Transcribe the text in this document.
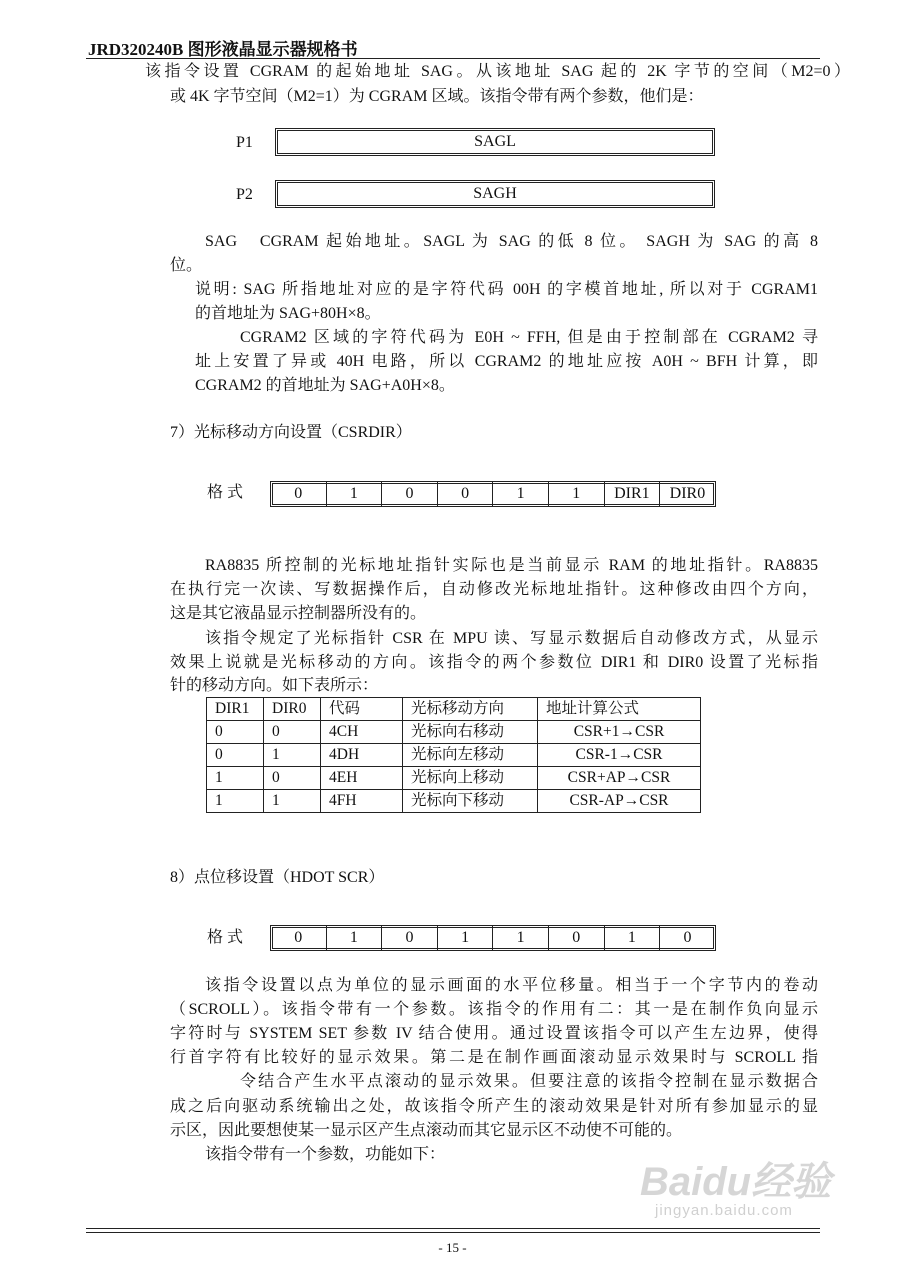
JRD320240B 图形液晶显示器规格书
该指令设置 CGRAM 的起始地址 SAG。从该地址 SAG 起的 2K 字节的空间（M2=0）
或 4K 字节空间（M2=1）为 CGRAM 区域。该指令带有两个参数，他们是：
P1	SAGL
P2	SAGH
SAG　CGRAM 起始地址。SAGL 为 SAG 的低 8 位。 SAGH 为 SAG 的高 8
位。
说明: SAG 所指地址对应的是字符代码 00H 的字模首地址, 所以对于 CGRAM1
的首地址为 SAG+80H×8。
CGRAM2 区域的字符代码为 E0H ~ FFH, 但是由于控制部在 CGRAM2 寻
址上安置了异或 40H 电路，所以 CGRAM2 的地址应按 A0H ~ BFH 计算，即
CGRAM2 的首地址为 SAG+A0H×8。
7）光标移动方向设置（CSRDIR）
格 式	0	1	0	0	1	1	DIR1	DIR0
RA8835 所控制的光标地址指针实际也是当前显示 RAM 的地址指针。RA8835
在执行完一次读、写数据操作后，自动修改光标地址指针。这种修改由四个方向，
这是其它液晶显示控制器所没有的。
该指令规定了光标指针 CSR 在 MPU 读、写显示数据后自动修改方式，从显示
效果上说就是光标移动的方向。该指令的两个参数位 DIR1 和 DIR0 设置了光标指
针的移动方向。如下表所示：
DIR1	DIR0	代码	光标移动方向	地址计算公式
0	0	4CH	光标向右移动	CSR+1→CSR
0	1	4DH	光标向左移动	CSR-1→CSR
1	0	4EH	光标向上移动	CSR+AP→CSR
1	1	4FH	光标向下移动	CSR-AP→CSR
8）点位移设置（HDOT SCR）
格 式	0	1	0	1	1	0	1	0
该指令设置以点为单位的显示画面的水平位移量。相当于一个字节内的卷动
（SCROLL）。该指令带有一个参数。该指令的作用有二：其一是在制作负向显示
字符时与 SYSTEM SET 参数 IV 结合使用。通过设置该指令可以产生左边界，使得
行首字符有比较好的显示效果。第二是在制作画面滚动显示效果时与 SCROLL 指
令结合产生水平点滚动的显示效果。但要注意的该指令控制在显示数据合
成之后向驱动系统输出之处，故该指令所产生的滚动效果是针对所有参加显示的显
示区，因此要想使某一显示区产生点滚动而其它显示区不动使不可能的。
该指令带有一个参数，功能如下：
Baidu经验
jingyan.baidu.com
- 15 -
